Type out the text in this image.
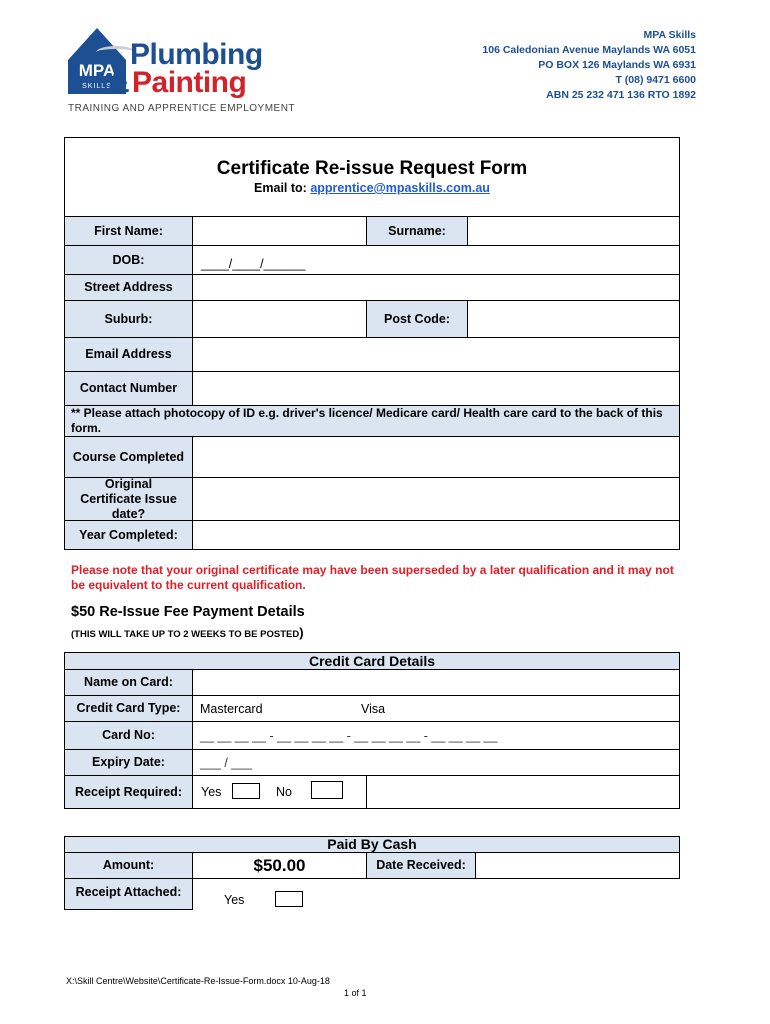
MPA
SKILLS
Plumbing
& Painting
TRAINING AND APPRENTICE EMPLOYMENT
MPA Skills
106 Caledonian Avenue Maylands WA 6051
PO BOX 126 Maylands WA 6931
T (08) 9471 6600
ABN 25 232 471 136 RTO 1892
Certificate Re-issue Request Form
Email to: apprentice@mpaskills.com.au
First Name:	Surname:
DOB:	____/____/______
Street Address
Suburb:	Post Code:
Email Address
Contact Number
** Please attach photocopy of ID e.g. driver's licence/ Medicare card/ Health care card to the back of this form.
Course Completed
Original Certificate Issue date?
Year Completed:
Please note that your original certificate may have been superseded by a later qualification and it may not be equivalent to the current qualification.
$50 Re-Issue Fee Payment Details
(THIS WILL TAKE UP TO 2 WEEKS TO BE POSTED)
Credit Card Details
Name on Card:
Credit Card Type:	Mastercard	Visa
Card No:	__ __ __ __ - __ __ __ __ - __ __ __ __ - __ __ __ __
Expiry Date:	___ / ___
Receipt Required:	Yes	No
Paid By Cash
Amount:	$50.00	Date Received:
Receipt Attached:
Yes
X:\Skill Centre\Website\Certificate-Re-Issue-Form.docx 10-Aug-18
1 of 1
